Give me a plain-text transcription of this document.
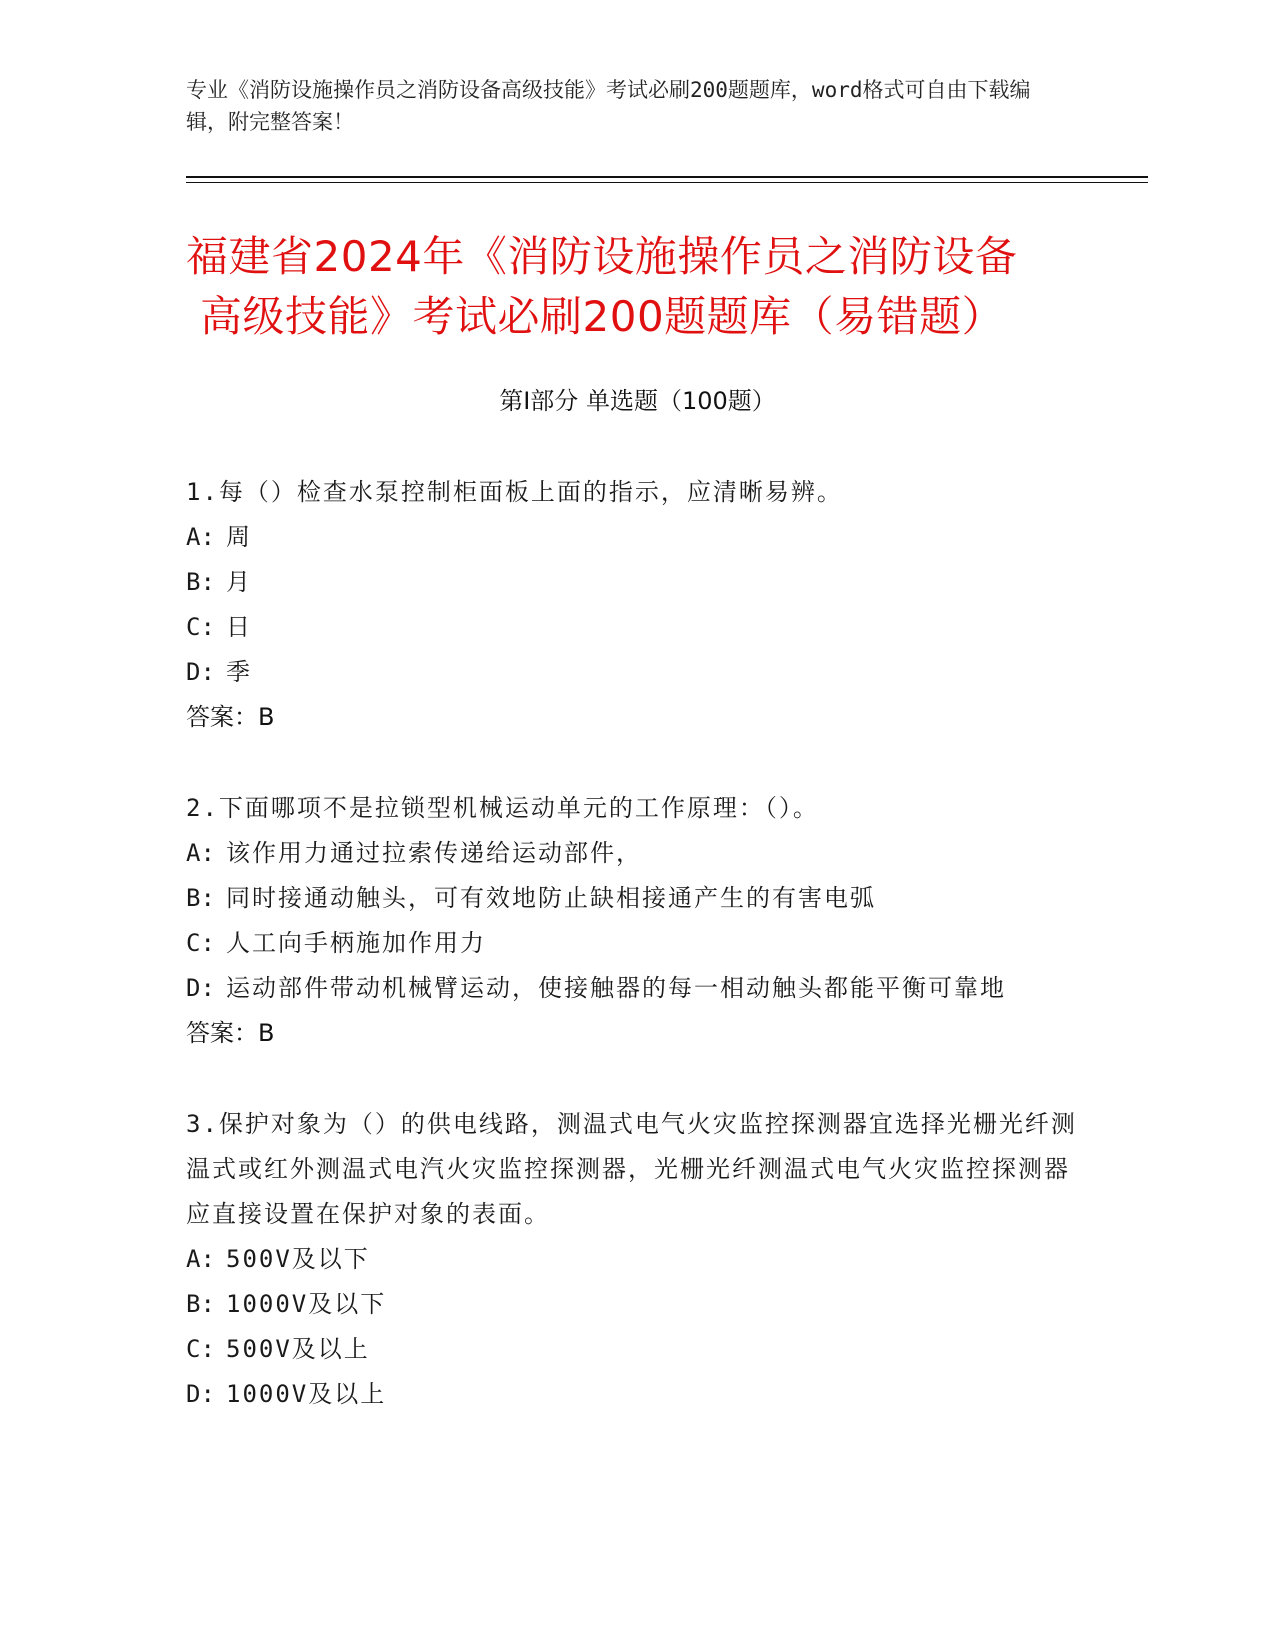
专业《消防设施操作员之消防设备高级技能》考试必刷200题题库，word格式可自由下载编辑，附完整答案！
福建省2024年《消防设施操作员之消防设备
高级技能》考试必刷200题题库（易错题）
第Ⅰ部分 单选题（100题）

1.每（）检查水泵控制柜面板上面的指示，应清晰易辨。

A: 周

B: 月

C: 日

D: 季

答案：B

2.下面哪项不是拉锁型机械运动单元的工作原理：（）。

A: 该作用力通过拉索传递给运动部件，

B: 同时接通动触头，可有效地防止缺相接通产生的有害电弧

C: 人工向手柄施加作用力

D: 运动部件带动机械臂运动，使接触器的每一相动触头都能平衡可靠地

答案：B

3.保护对象为（）的供电线路，测温式电气火灾监控探测器宜选择光栅光纤测温式或红外测温式电汽火灾监控探测器，光栅光纤测温式电气火灾监控探测器应直接设置在保护对象的表面。

A: 500V及以下

B: 1000V及以下

C: 500V及以上

D: 1000V及以上
